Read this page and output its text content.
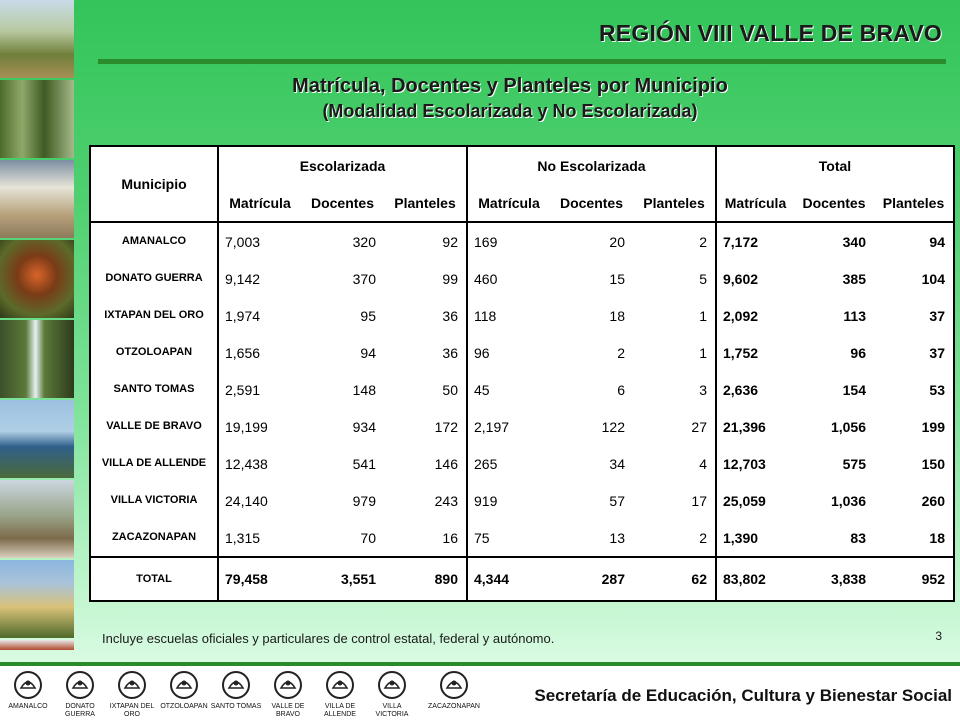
REGIÓN VIII VALLE DE BRAVO
Matrícula, Docentes y Planteles por Municipio
(Modalidad Escolarizada y No Escolarizada)
Municipio	Escolarizada			No Escolarizada			Total		
	Matrícula	Docentes	Planteles	Matrícula	Docentes	Planteles	Matrícula	Docentes	Planteles
AMANALCO	7,003	320	92	169	20	2	7,172	340	94
DONATO GUERRA	9,142	370	99	460	15	5	9,602	385	104
IXTAPAN DEL ORO	1,974	95	36	118	18	1	2,092	113	37
OTZOLOAPAN	1,656	94	36	96	2	1	1,752	96	37
SANTO TOMAS	2,591	148	50	45	6	3	2,636	154	53
VALLE DE BRAVO	19,199	934	172	2,197	122	27	21,396	1,056	199
VILLA DE ALLENDE	12,438	541	146	265	34	4	12,703	575	150
VILLA VICTORIA	24,140	979	243	919	57	17	25,059	1,036	260
ZACAZONAPAN	1,315	70	16	75	13	2	1,390	83	18
TOTAL	79,458	3,551	890	4,344	287	62	83,802	3,838	952
Incluye escuelas oficiales y particulares de control estatal, federal y autónomo.	3
AMANALCO	DONATO GUERRA
IXTAPAN DEL ORO
OTZOLOAPAN SANTO TOMAS	VALLE DE BRAVO
VILLA DE ALLENDE
VILLA VICTORIA
ZACAZONAPAN
Secretaría de Educación, Cultura y Bienestar Social
